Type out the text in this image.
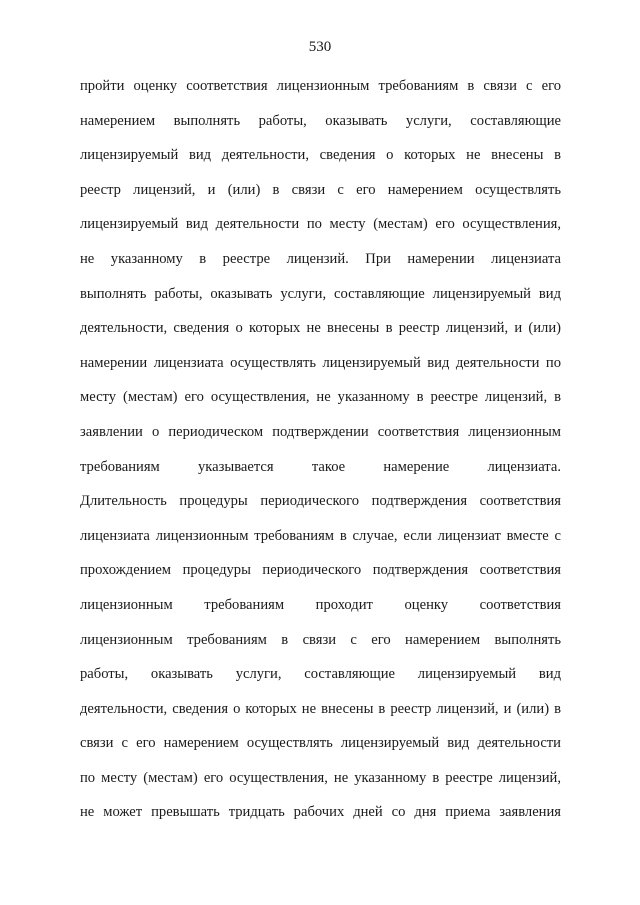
530
пройти оценку соответствия лицензионным требованиям в связи с его
намерением выполнять работы, оказывать услуги, составляющие
лицензируемый вид деятельности, сведения о которых не внесены в
реестр лицензий, и (или) в связи с его намерением осуществлять
лицензируемый вид деятельности по месту (местам) его осуществления,
не указанному в реестре лицензий. При намерении лицензиата
выполнять работы, оказывать услуги, составляющие лицензируемый вид
деятельности, сведения о которых не внесены в реестр лицензий, и (или)
намерении лицензиата осуществлять лицензируемый вид деятельности по
месту (местам) его осуществления, не указанному в реестре лицензий, в
заявлении о периодическом подтверждении соответствия лицензионным
требованиям указывается такое намерение лицензиата.
Длительность процедуры периодического подтверждения соответствия
лицензиата лицензионным требованиям в случае, если лицензиат вместе с
прохождением процедуры периодического подтверждения соответствия
лицензионным требованиям проходит оценку соответствия
лицензионным требованиям в связи с его намерением выполнять
работы, оказывать услуги, составляющие лицензируемый вид
деятельности, сведения о которых не внесены в реестр лицензий, и (или) в
связи с его намерением осуществлять лицензируемый вид деятельности
по месту (местам) его осуществления, не указанному в реестре лицензий,
не может превышать тридцать рабочих дней со дня приема заявления
